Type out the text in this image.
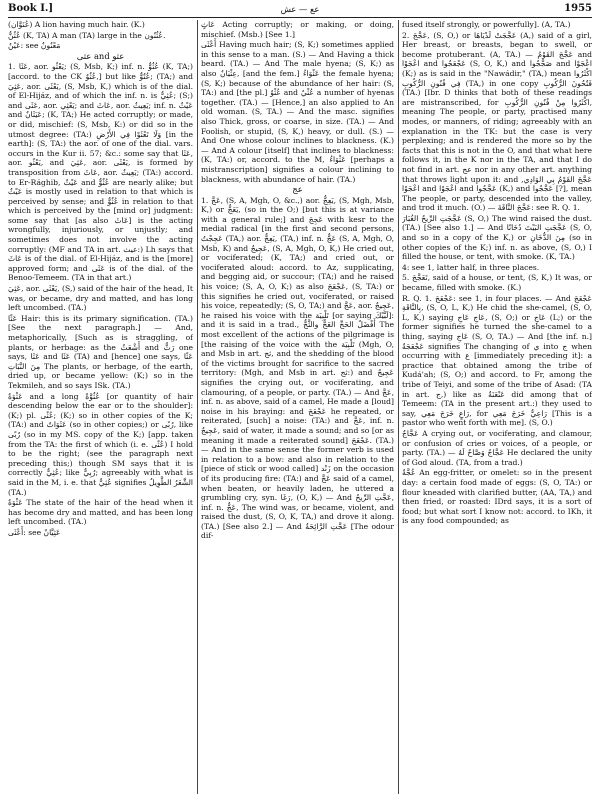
Book I.]	عع — عش	1955

(عُنَوَّان) A lion having much hair. (K.)

عُثُنُّ (K, TA) A man (TA) large in the عُثُنُون.

عَيْنُ: see مَعْنُونٌ

عثى and عثو

1. عَثَا, aor. يَعْثُو; (S, Msb, K;) inf. n. عُثُوٌّ (K, TA;) [accord. to the CK عُثُوٌ,] but like عُتُوٌّ; (TA;) and عَثِيَ, aor. يَعْثَى, (S, Msb, K,) which is of the dial. of El-Hijáz, and of which the inf. n. is عُثِيٌّ; (S;) and عَثَى, aor. يَعْثِي; and عَاثَ, aor. يَعِيثُ; inf. n. عَيْثٌ and عَيَثَانٌ; (K, TA;) He acted corruptly; or made, or did, mischief: (S, Msb, K:) or did so in the utmost degree: (TA:) وَلَا تَعْثَوْا فِي الأَرْضِ [in the earth]: (S, TA:) the aor. of one of the dial. vars. occurs in the Kur ii. 57; &c.: some say that عَثَا, aor. يَعْثُو, and عَثِيَ, aor. يَعْثَى, is formed by transposition from عَاثَ, aor. يَعِيثُ; (TA:) accord. to Er-Rághib, عَيْثٌ and عُثُوٌّ are nearly alike; but عَيْثٌ is mostly used in relation to that which is perceived by sense; and عُثُوٌّ in relation to that which is perceived by the [mind or] judgment: some say that [as also عَاثَ] is the acting wrongfully, injuriously, or unjustly; and sometimes does not involve the acting corruptly: (MF and TA in art. عيث:) Lh says that عَاثَ is of the dial. of El-Hijáz, and is the [more] approved form; and عَثَى is of the dial. of the Benoo-Temeem. (TA in that art.)

عَثِيَ, aor. يَعْثَى, (S,) said of the hair of the head, It was, or became, dry and matted, and has long left uncombed. (TA.)

عَثًا Hair: this is its primary signification. (TA.) [See the next paragraph.] — And, metaphorically, [Such as is straggling, of plants, or herbage: as the أَشْعَثُ and رَثٌّ one says, عَثَا and عَثَا (TA) and [hence] one says, عَثًا مِنَ النَّبَاتِ The plants, or herbage, of the earth, dried up, or became yellow: (K;) so in the Tekmileh, and so says ISk. (TA.)

عَثْوَةٌ and a long عُثُوَّةٌ [or quantity of hair descending below the ear or to the shoulder]: (K;) pl. عُثًى; (K;) so in other copies of the K; (TA:) and عَثَوَاتٌ (so in other copies;) or رُبًى, like رُبًى (so in my MS. copy of the K;) [app. taken from the TA: the first of which (i. e. عُثًى) I hold to be the right; (see the paragraph next preceding this;) though SM says that it is correctly عُثِيٌّ; like رُبِيٌّ; agreeably with what is said in the M, i. e. that عُثِيٌّ signifies الشَّعَرُ الطَّوِيلُ (TA.)

عَثْوَةٌ The state of the hair of the head when it has become dry and matted, and has been long left uncombed. (TA.)

أَعْثَى: see عَثِيَّانٌ

عَاثٍ Acting corruptly; or making, or doing, mischief. (Msb.) [See 1.]

أَعْثَى Having much hair; (S, K;) sometimes applied in this sense to a man. (S.) — And Having a thick beard. (TA.) — And The male hyena; (S, K;) as also عِثْيَانٌ, [and the fem.] عَثْوَاءُ the female hyena; (S, K;) because of the abundance of her hair: (S, TA:) and [the pl.] عُثْوٌ and عُثْيٌ a number of hyenas together. (TA.) — [Hence,] an also applied to An old woman. (S, TA.) — And the masc. signifies also Thick, gross, or coarse, in size. (TA.) — And Foolish, or stupid, (S, K,) heavy, or dull. (S.) — And One whose colour inclines to blackness. (K.) — And A colour [itself] that inclines to blackness: (K, TA:) or, accord. to the M, عَثْوَاءُ [perhaps a mistranscription] signifies a colour inclining to blackness, with abundance of hair. (TA.)

عج

1. عَجَّ, (S, A, Mgh, O, &c.,) aor. يَعِجُّ, (S, Mgh, Msb, K,) or يَعَجُّ, (so in the O;) [but this is at variance with a general rule;] and عَجِجَ with kesr to the medial radical [in the first and second persons, عَجِجْتُ (TA,) aor. يَعِجُّ, (TA,) inf. n. عَجٌّ (S, A, Mgh, O, Msb, K) and عَجِيجٌ, (S, A, Mgh, O, K,) He cried out, or vociferated; (K, TA;) and cried out, or vociferated aloud: accord. to Az, supplicating, and begging aid, or succour; (TA;) and he raised his voice; (S, A, O, K;) as also عَجْعَجَ, (S, TA:) or this signifies he cried out, vociferated, or raised his voice, repeatedly; (S, O, TA;) and عَجَّ, aor. عَجِيجٌ, he raised his voice with the تَلْبِيَة [or saying لَبَّيْكَ]: and it is said in a trad., أَفْضَلُ الحَجِّ العَجُّ والثَّجُّ The most excellent of the actions of the pilgrimage is [the raising of the voice with the تَلْبِيَة (Mgh, O, and Msb in art. ثج, and the shedding of the blood of the victims brought for sacrifice to the sacred territory: (Mgh, and Msb in art. ثج:) and عَجِيجٌ signifies the crying out, or vociferating, and clamouring, of a people, or party. (TA.) — And عَجَّ, inf. n. as above, said of a camel, He made a [loud] noise in his braying: and عَجْعَجَ he repeated, or reiterated, [such] a noise: (TA:) and عَجَّ, inf. n. عَجِيجٌ, said of water, it made a sound; and so [or as meaning it made a reiterated sound] عَجْعَجَ. (TA.) — And in the same sense the former verb is used in relation to a bow: and also in relation to the [piece of stick or wood called] زَنْد on the occasion of its producing fire: (TA:) and عَجَّ said of a camel, when beaten, or heavily laden, he uttered a grumbling cry, syn. رَغَا, (O, K,) — And عَجَّتِ الرِّيحُ, inf. n. عَجٌّ, The wind was, or became, violent, and raised the dust, (S, O, K, TA,) and drove it along. (TA.) [See also 2.] — And عَجَّتِ الرَّائِحَةُ [The odour dif-

fused itself strongly, or powerfully]. (A, TA.)

2. عَجَّجَ, (S, O,) or عَجَّجَتْ لَدْيَاهَا (A,) said of a girl, Her breast, or breasts, began to swell, or become protuberant. (A, TA.) — عَجَّجَ القَوْمُ and اعْجَوْا and عَجْعَجُوا (S, O, K,) and صَجَّجُوا and اعْجَوْا (K;) as is said in the "Nawádir," (TA,) mean اكْثَرُوا فِي فُنُونِ الرُّكُوبِ (TA,) in one copy فَتُحُونَ الرُّكُوبِ (TA.) [Ibr. D thinks that both of these readings are mistranscribed, for اكْثَرُوا مِنْ فُنُونِ الرُّكُوبِ, meaning The people, or party, practised many modes, or manners, of riding; agreeably with an explanation in the TK: but the case is very perplexing; and is rendered the more so by the facts that this is not in the O, and that what here follows it, in the K nor in the TA, and that I do not find in art. عج nor in any other art. anything that throws light upon it: and عَجَّجَ القَوْمُ بِي الوَادِي, اعْجَوْا and اعْجَوْا and عَجَّجُوا (K,) and عَجَّجُوا [?], mean The people, or party, descended into the valley, and trod it much. (O.) — عَجَّجَ النَّاقَةَ: see R. Q. 1.

عَجَّجَتِ الرِّيحُ الغُبَارَ (S, O,) The wind raised the dust. (TA.) [See also 1.] — And عَجَّجَتِ البَيْتَ دُخَانًا (S, O, and so in a copy of the K,) or مِنَ الدُّخَانِ (so in other copies of the K;) inf. n. as above, (S, O,) I filled the house, or tent, with smoke. (K, TA.)

4: see 1, latter half, in three places.

5. تَعَجَّجَ, said of a house, or tent, (S, K,) It was, or became, filled with smoke. (K.)

R. Q. 1. عَجْعَجَ: see 1, in four places. — And عَجْعَجَ بِالنَّاقَةِ, (S, O, L, K,) He chid the she-camel, (S, O, L, K,) saying عَاجِ عَاجِ, (S, O;) or عَاجِ (L;) or the former signifies he turned the she-camel to a thing, saying عَاجِ (S, O, TA.) — And [the inf. n.] عَجْعَجَةٌ signifies The changing of ي into ج when occurring with ع [immediately preceding it]: a practice that obtained among the tribe of Kudá'ah; (S, O;) and accord. to Fr, among the tribe of Teiyi, and some of the tribe of Asad: (TA in art. ج,) like as عَنْعَنَةٌ did among that of Temeem: (TA in the present art.:) they used to say, رَاعٍ خَرَجَ مَعِي, for رَاعِيٌّ خَرَجَ مَعِي [This is a pastor who went forth with me]. (S, O.)

عَجَّاجٌ A crying out, or vociferating, and clamour, or confusion of cries or voices, of a people, or party. (TA.) — عَجَّاجٌ وَصَّاحٌ لَهُ He declared the unity of God aloud. (TA, from a trad.)

عُجَّةٌ An egg-fritter, or omelet: so in the present day: a certain food made of eggs: (S, O, TA:) or flour kneaded with clarified butter, (AA, TA,) and then fried, or roasted: IDrd says, it is a sort of food; but what sort I know not: accord. to IKh, it is any food compounded; as
